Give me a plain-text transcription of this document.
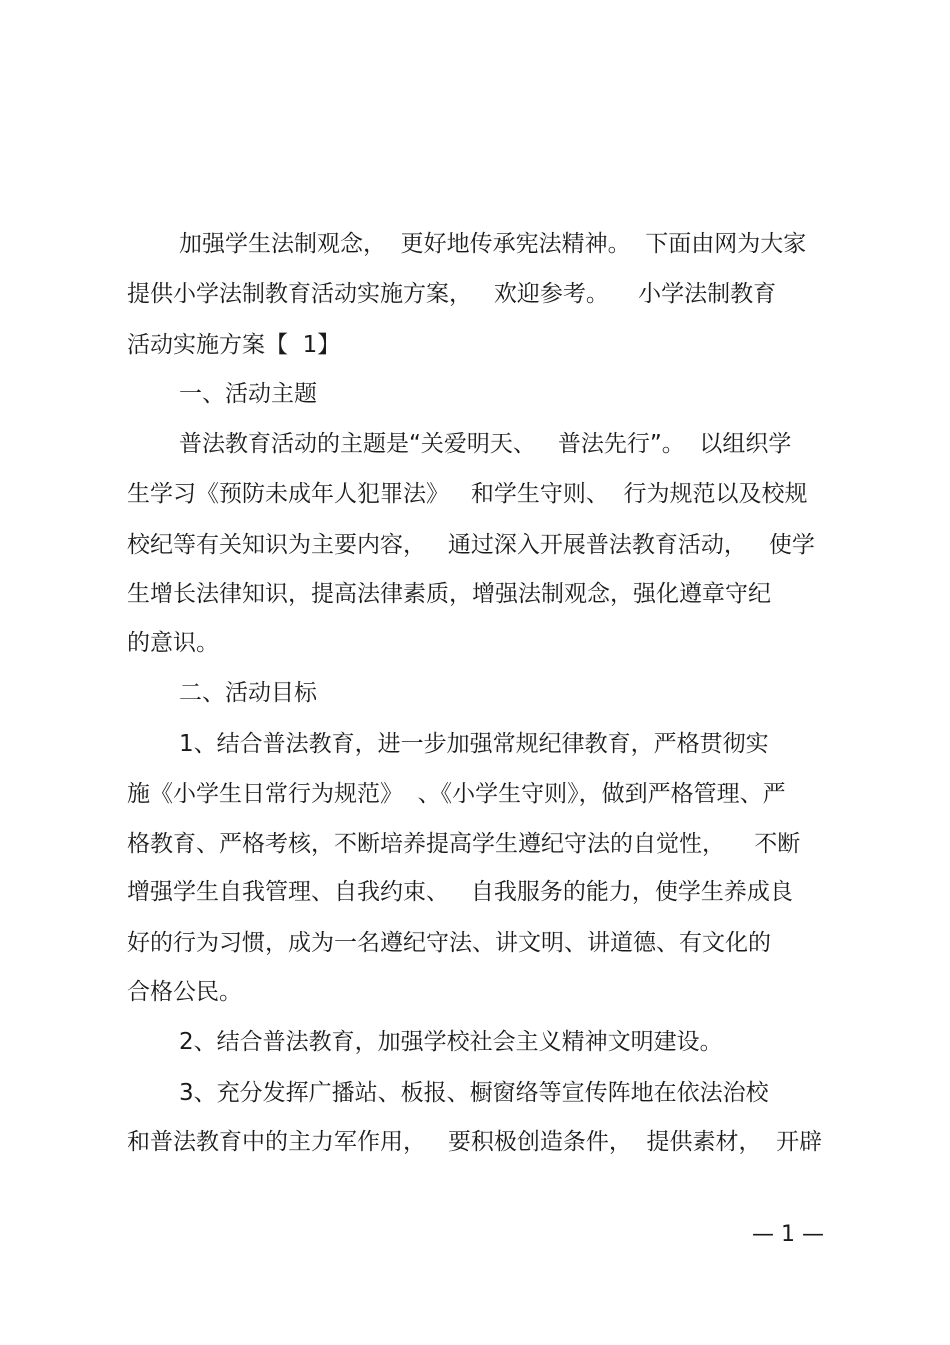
加强学生法制观念，  更好地传承宪法精神。  下面由网为大家
提供小学法制教育活动实施方案，   欢迎参考。    小学法制教育
活动实施方案【  1】
一、活动主题
普法教育活动的主题是“关爱明天、   普法先行”。  以组织学
生学习《预防未成年人犯罪法》   和学生守则、  行为规范以及校规
校纪等有关知识为主要内容，   通过深入开展普法教育活动，   使学
生增长法律知识，提高法律素质，增强法制观念，强化遵章守纪
的意识。
二、活动目标
1、结合普法教育，进一步加强常规纪律教育，严格贯彻实
施《小学生日常行为规范》  、《小学生守则》，做到严格管理、严
格教育、严格考核，不断培养提高学生遵纪守法的自觉性，    不断
增强学生自我管理、自我约束、   自我服务的能力，使学生养成良
好的行为习惯，成为一名遵纪守法、讲文明、讲道德、有文化的
合格公民。
2、结合普法教育，加强学校社会主义精神文明建设。
3、充分发挥广播站、板报、橱窗络等宣传阵地在依法治校
和普法教育中的主力军作用，   要积极创造条件，  提供素材，  开辟
— 1 —
